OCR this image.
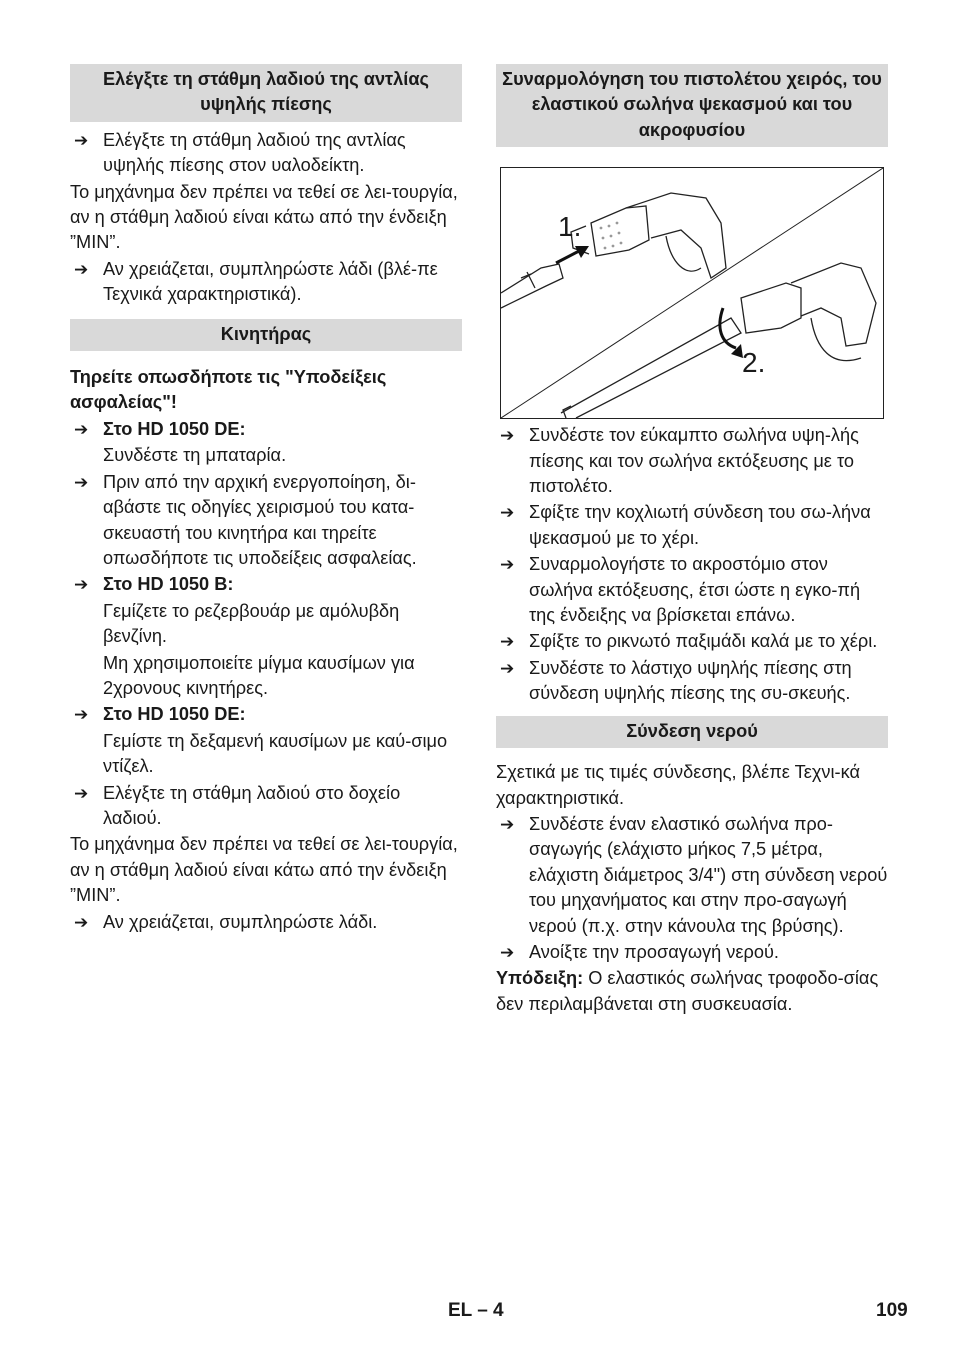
Ελέγξτε τη στάθμη λαδιού της αντλίας υψηλής πίεσης
➔ Ελέγξτε τη στάθμη λαδιού της αντλίας υψηλής πίεσης στον υαλοδείκτη.
Το μηχάνημα δεν πρέπει να τεθεί σε λει-τουργία, αν η στάθμη λαδιού είναι κάτω από την ένδειξη ”MIN”.
➔ Αν χρειάζεται, συμπληρώστε λάδι (βλέ-πε Τεχνικά χαρακτηριστικά).
Κινητήρας
Τηρείτε οπωσδήποτε τις "Υποδείξεις ασφαλείας"!
➔ Στο HD 1050 DE:
Συνδέστε τη μπαταρία.
➔ Πριν από την αρχική ενεργοποίηση, δι-αβάστε τις οδηγίες χειρισμού του κατα-σκευαστή του κινητήρα και τηρείτε οπωσδήποτε τις υποδείξεις ασφαλείας.
➔ Στο HD 1050 B:
Γεμίζετε το ρεζερβουάρ με αμόλυβδη βενζίνη.
Μη χρησιμοποιείτε μίγμα καυσίμων για 2χρονους κινητήρες.
➔ Στο HD 1050 DE:
Γεμίστε τη δεξαμενή καυσίμων με καύ-σιμο ντίζελ.
➔ Ελέγξτε τη στάθμη λαδιού στο δοχείο λαδιού.
Το μηχάνημα δεν πρέπει να τεθεί σε λει-τουργία, αν η στάθμη λαδιού είναι κάτω από την ένδειξη ”MIN”.
➔ Αν χρειάζεται, συμπληρώστε λάδι.
Συναρμολόγηση του πιστολέτου χειρός, του ελαστικού σωλήνα ψεκασμού και του ακροφυσίου
1.
2.
➔ Συνδέστε τον εύκαμπτο σωλήνα υψη-λής πίεσης και τον σωλήνα εκτόξευσης με το πιστολέτο.
➔ Σφίξτε την κοχλιωτή σύνδεση του σω-λήνα ψεκασμού με το χέρι.
➔ Συναρμολογήστε το ακροστόμιο στον σωλήνα εκτόξευσης, έτσι ώστε η εγκο-πή της ένδειξης να βρίσκεται επάνω.
➔ Σφίξτε το ρικνωτό παξιμάδι καλά με το χέρι.
➔ Συνδέστε το λάστιχο υψηλής πίεσης στη σύνδεση υψηλής πίεσης της συ-σκευής.
Σύνδεση νερού
Σχετικά με τις τιμές σύνδεσης, βλέπε Τεχνι-κά χαρακτηριστικά.
➔ Συνδέστε έναν ελαστικό σωλήνα προ-σαγωγής (ελάχιστο μήκος 7,5 μέτρα, ελάχιστη διάμετρος 3/4") στη σύνδεση νερού του μηχανήματος και στην προ-σαγωγή νερού (π.χ. στην κάνουλα της βρύσης).
➔ Ανοίξτε την προσαγωγή νερού.
Υπόδειξη: Ο ελαστικός σωλήνας τροφοδο-σίας δεν περιλαμβάνεται στη συσκευασία.
EL – 4	109
